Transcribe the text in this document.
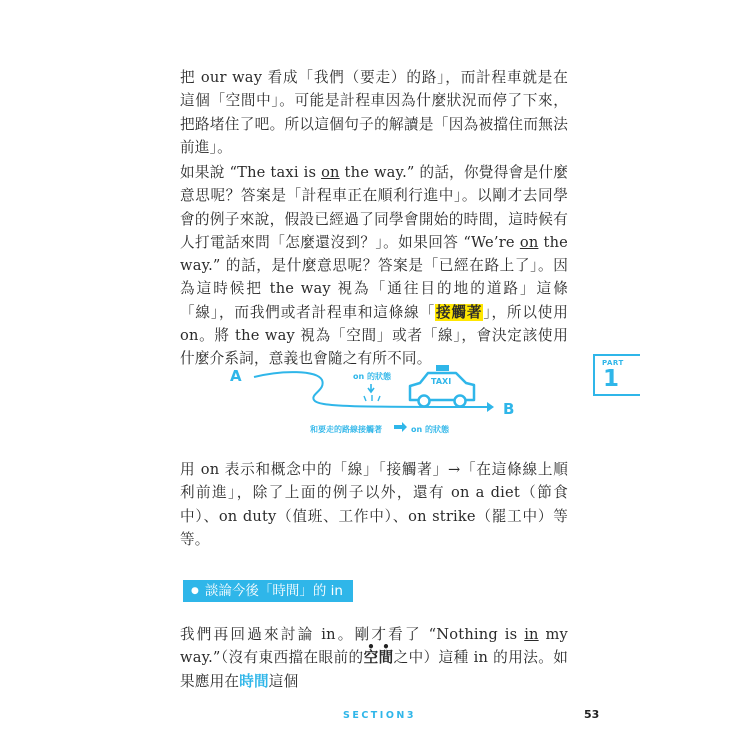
把 our way 看成「我們（要走）的路」，而計程車就是在這個「空間中」。可能是計程車因為什麼狀況而停了下來，把路堵住了吧。所以這個句子的解讀是「因為被擋住而無法前進」。

如果說 “The taxi is on the way.” 的話，你覺得會是什麼意思呢？答案是「計程車正在順利行進中」。以剛才去同學會的例子來說，假設已經過了同學會開始的時間，這時候有人打電話來問「怎麼還沒到？」。如果回答 “We’re on the way.” 的話，是什麼意思呢？答案是「已經在路上了」。因為這時候把 the way 視為「通往目的地的道路」這條「線」，而我們或者計程車和這條線「接觸著」，所以使用 on。將 the way 視為「空間」或者「線」，會決定該使用什麼介系詞，意義也會隨之有所不同。

A
B
on 的狀態
TAXI
和要走的路線接觸著	on 的狀態
PART
1

用 on 表示和概念中的「線」「接觸著」→「在這條線上順利前進」，除了上面的例子以外，還有 on a diet（節食中）、on duty（值班、工作中）、on strike（罷工中）等等。

● 談論今後「時間」的 in

我們再回過來討論 in。剛才看了 “Nothing is in my way.”（沒有東西擋在眼前的空間之中）這種 in 的用法。如果應用在時間這個

SECTION3	53
